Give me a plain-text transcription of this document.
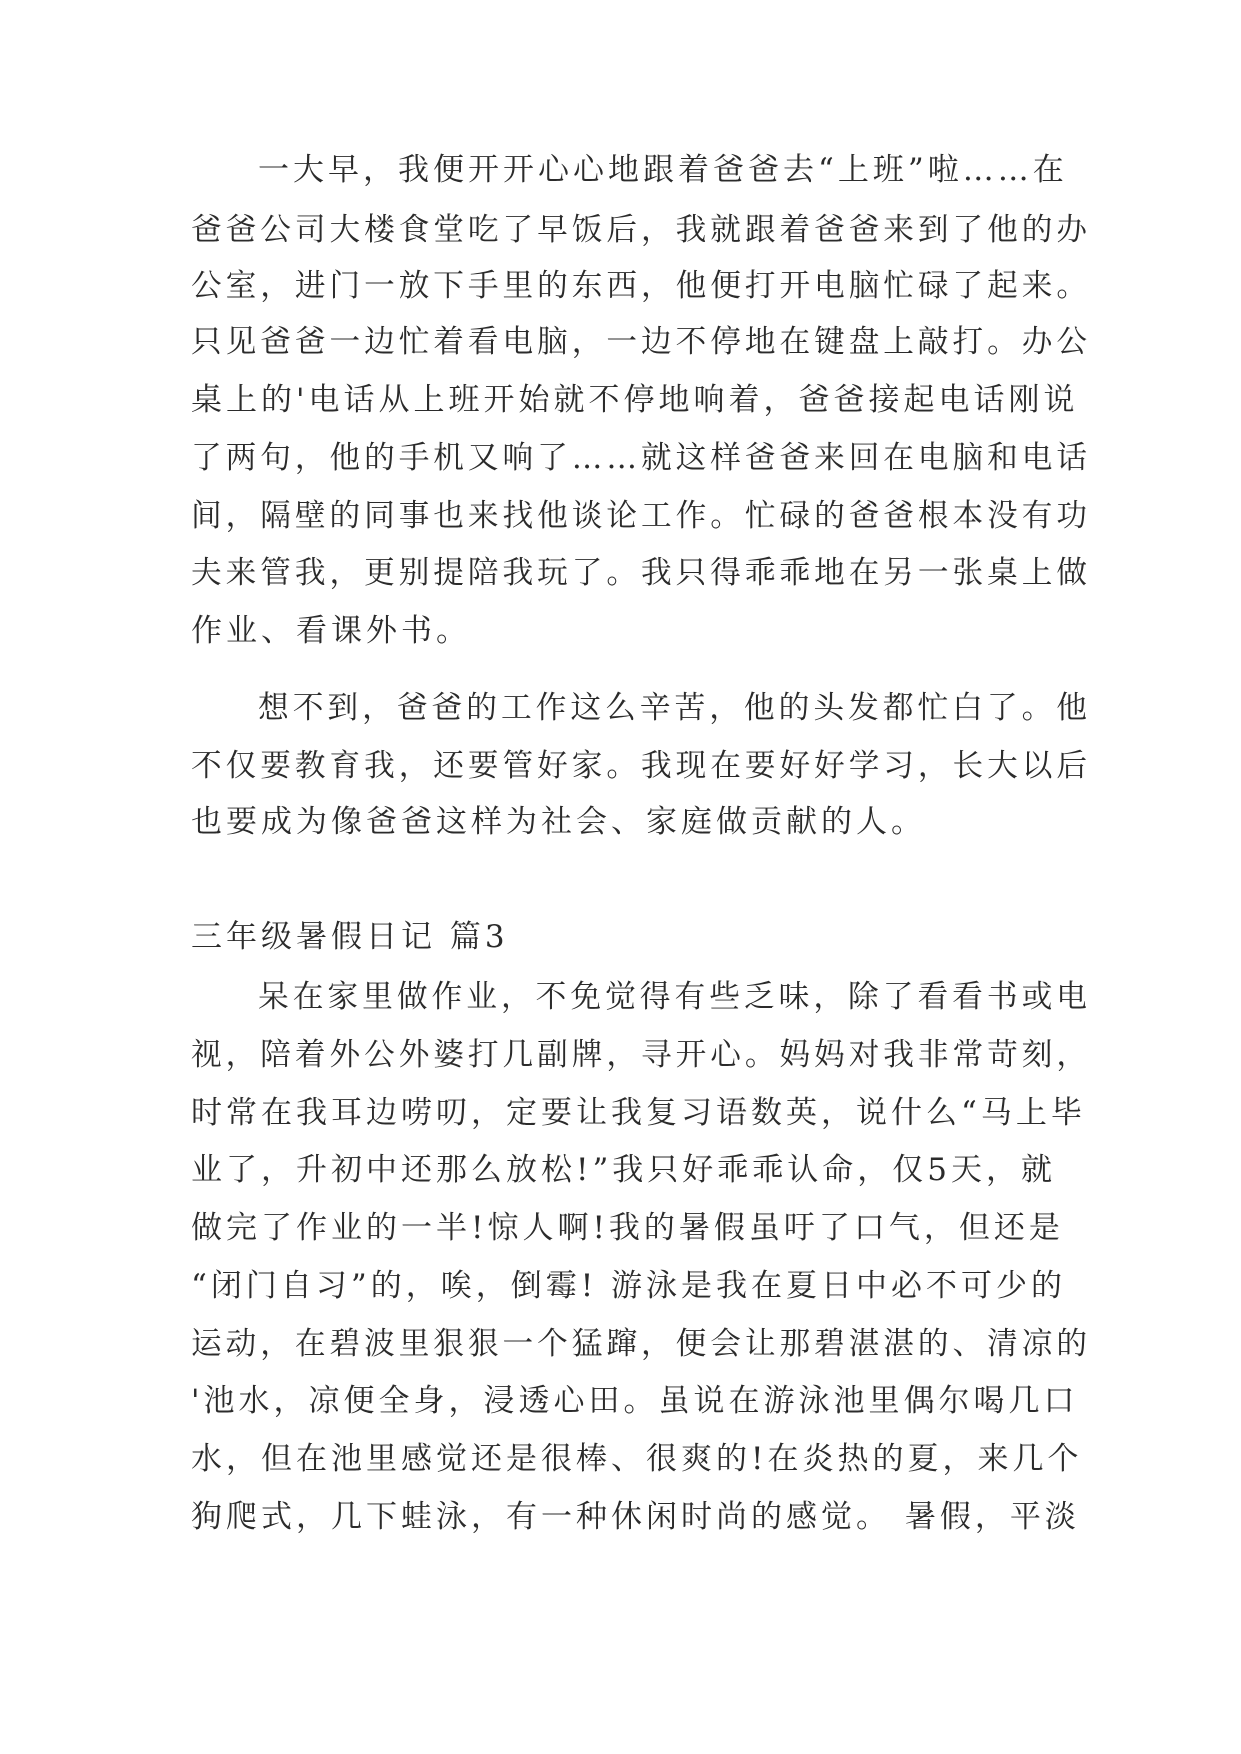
一大早，我便开开心心地跟着爸爸去“上班”啦……在
爸爸公司大楼食堂吃了早饭后，我就跟着爸爸来到了他的办
公室，进门一放下手里的东西，他便打开电脑忙碌了起来。
只见爸爸一边忙着看电脑，一边不停地在键盘上敲打。办公
桌上的'电话从上班开始就不停地响着，爸爸接起电话刚说
了两句，他的手机又响了……就这样爸爸来回在电脑和电话
间，隔壁的同事也来找他谈论工作。忙碌的爸爸根本没有功
夫来管我，更别提陪我玩了。我只得乖乖地在另一张桌上做
作业、看课外书。
想不到，爸爸的工作这么辛苦，他的头发都忙白了。他
不仅要教育我，还要管好家。我现在要好好学习，长大以后
也要成为像爸爸这样为社会、家庭做贡献的人。
三年级暑假日记 篇3
呆在家里做作业，不免觉得有些乏味，除了看看书或电
视，陪着外公外婆打几副牌，寻开心。妈妈对我非常苛刻，
时常在我耳边唠叨，定要让我复习语数英，说什么“马上毕
业了，升初中还那么放松!”我只好乖乖认命，仅5天，就
做完了作业的一半!惊人啊!我的暑假虽吁了口气，但还是
“闭门自习”的，唉，倒霉! 游泳是我在夏日中必不可少的
运动，在碧波里狠狠一个猛蹿，便会让那碧湛湛的、清凉的
'池水，凉便全身，浸透心田。虽说在游泳池里偶尔喝几口
水，但在池里感觉还是很棒、很爽的!在炎热的夏，来几个
狗爬式，几下蛙泳，有一种休闲时尚的感觉。 暑假，平淡
